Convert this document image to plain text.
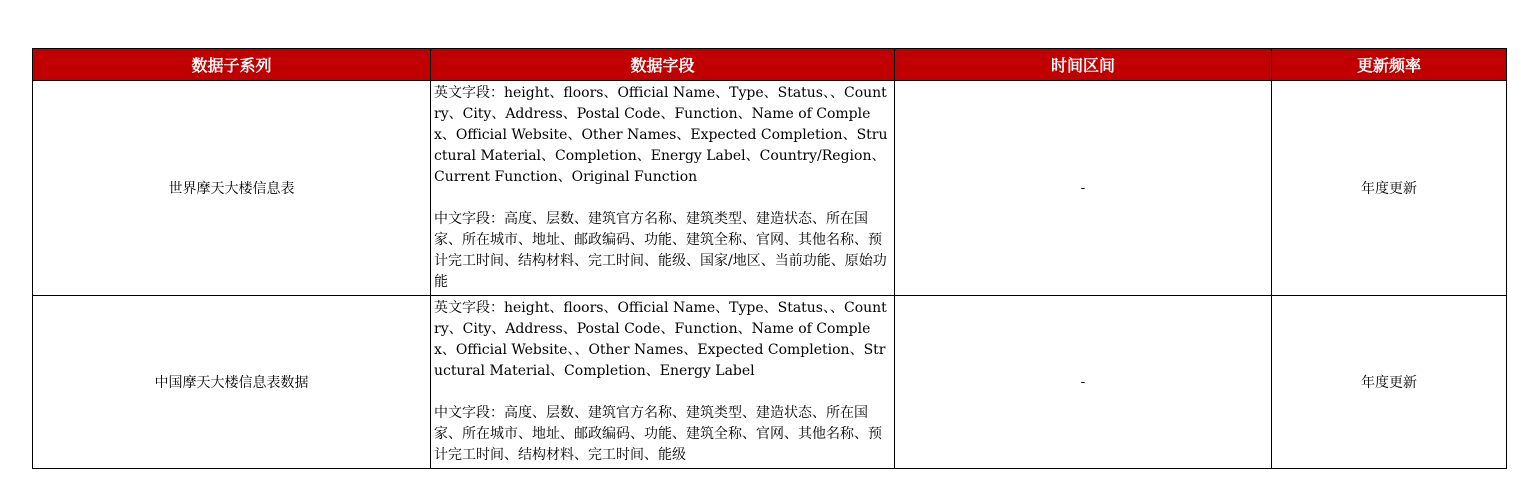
数据子系列	数据字段	时间区间	更新频率
世界摩天大楼信息表	英文字段：height、floors、Official Name、Type、Status、、Country、City、Address、Postal Code、Function、Name of Complex、Official Website、Other Names、Expected Completion、Structural Material、Completion、Energy Label、Country/Region、Current Function、Original Function

中文字段：高度、层数、建筑官方名称、建筑类型、建造状态、所在国家、所在城市、地址、邮政编码、功能、建筑全称、官网、其他名称、预计完工时间、结构材料、完工时间、能级、国家/地区、当前功能、原始功能	-	年度更新
中国摩天大楼信息表数据	英文字段：height、floors、Official Name、Type、Status、、Country、City、Address、Postal Code、Function、Name of Complex、Official Website、、Other Names、Expected Completion、Structural Material、Completion、Energy Label

中文字段：高度、层数、建筑官方名称、建筑类型、建造状态、所在国家、所在城市、地址、邮政编码、功能、建筑全称、官网、其他名称、预计完工时间、结构材料、完工时间、能级	-	年度更新
